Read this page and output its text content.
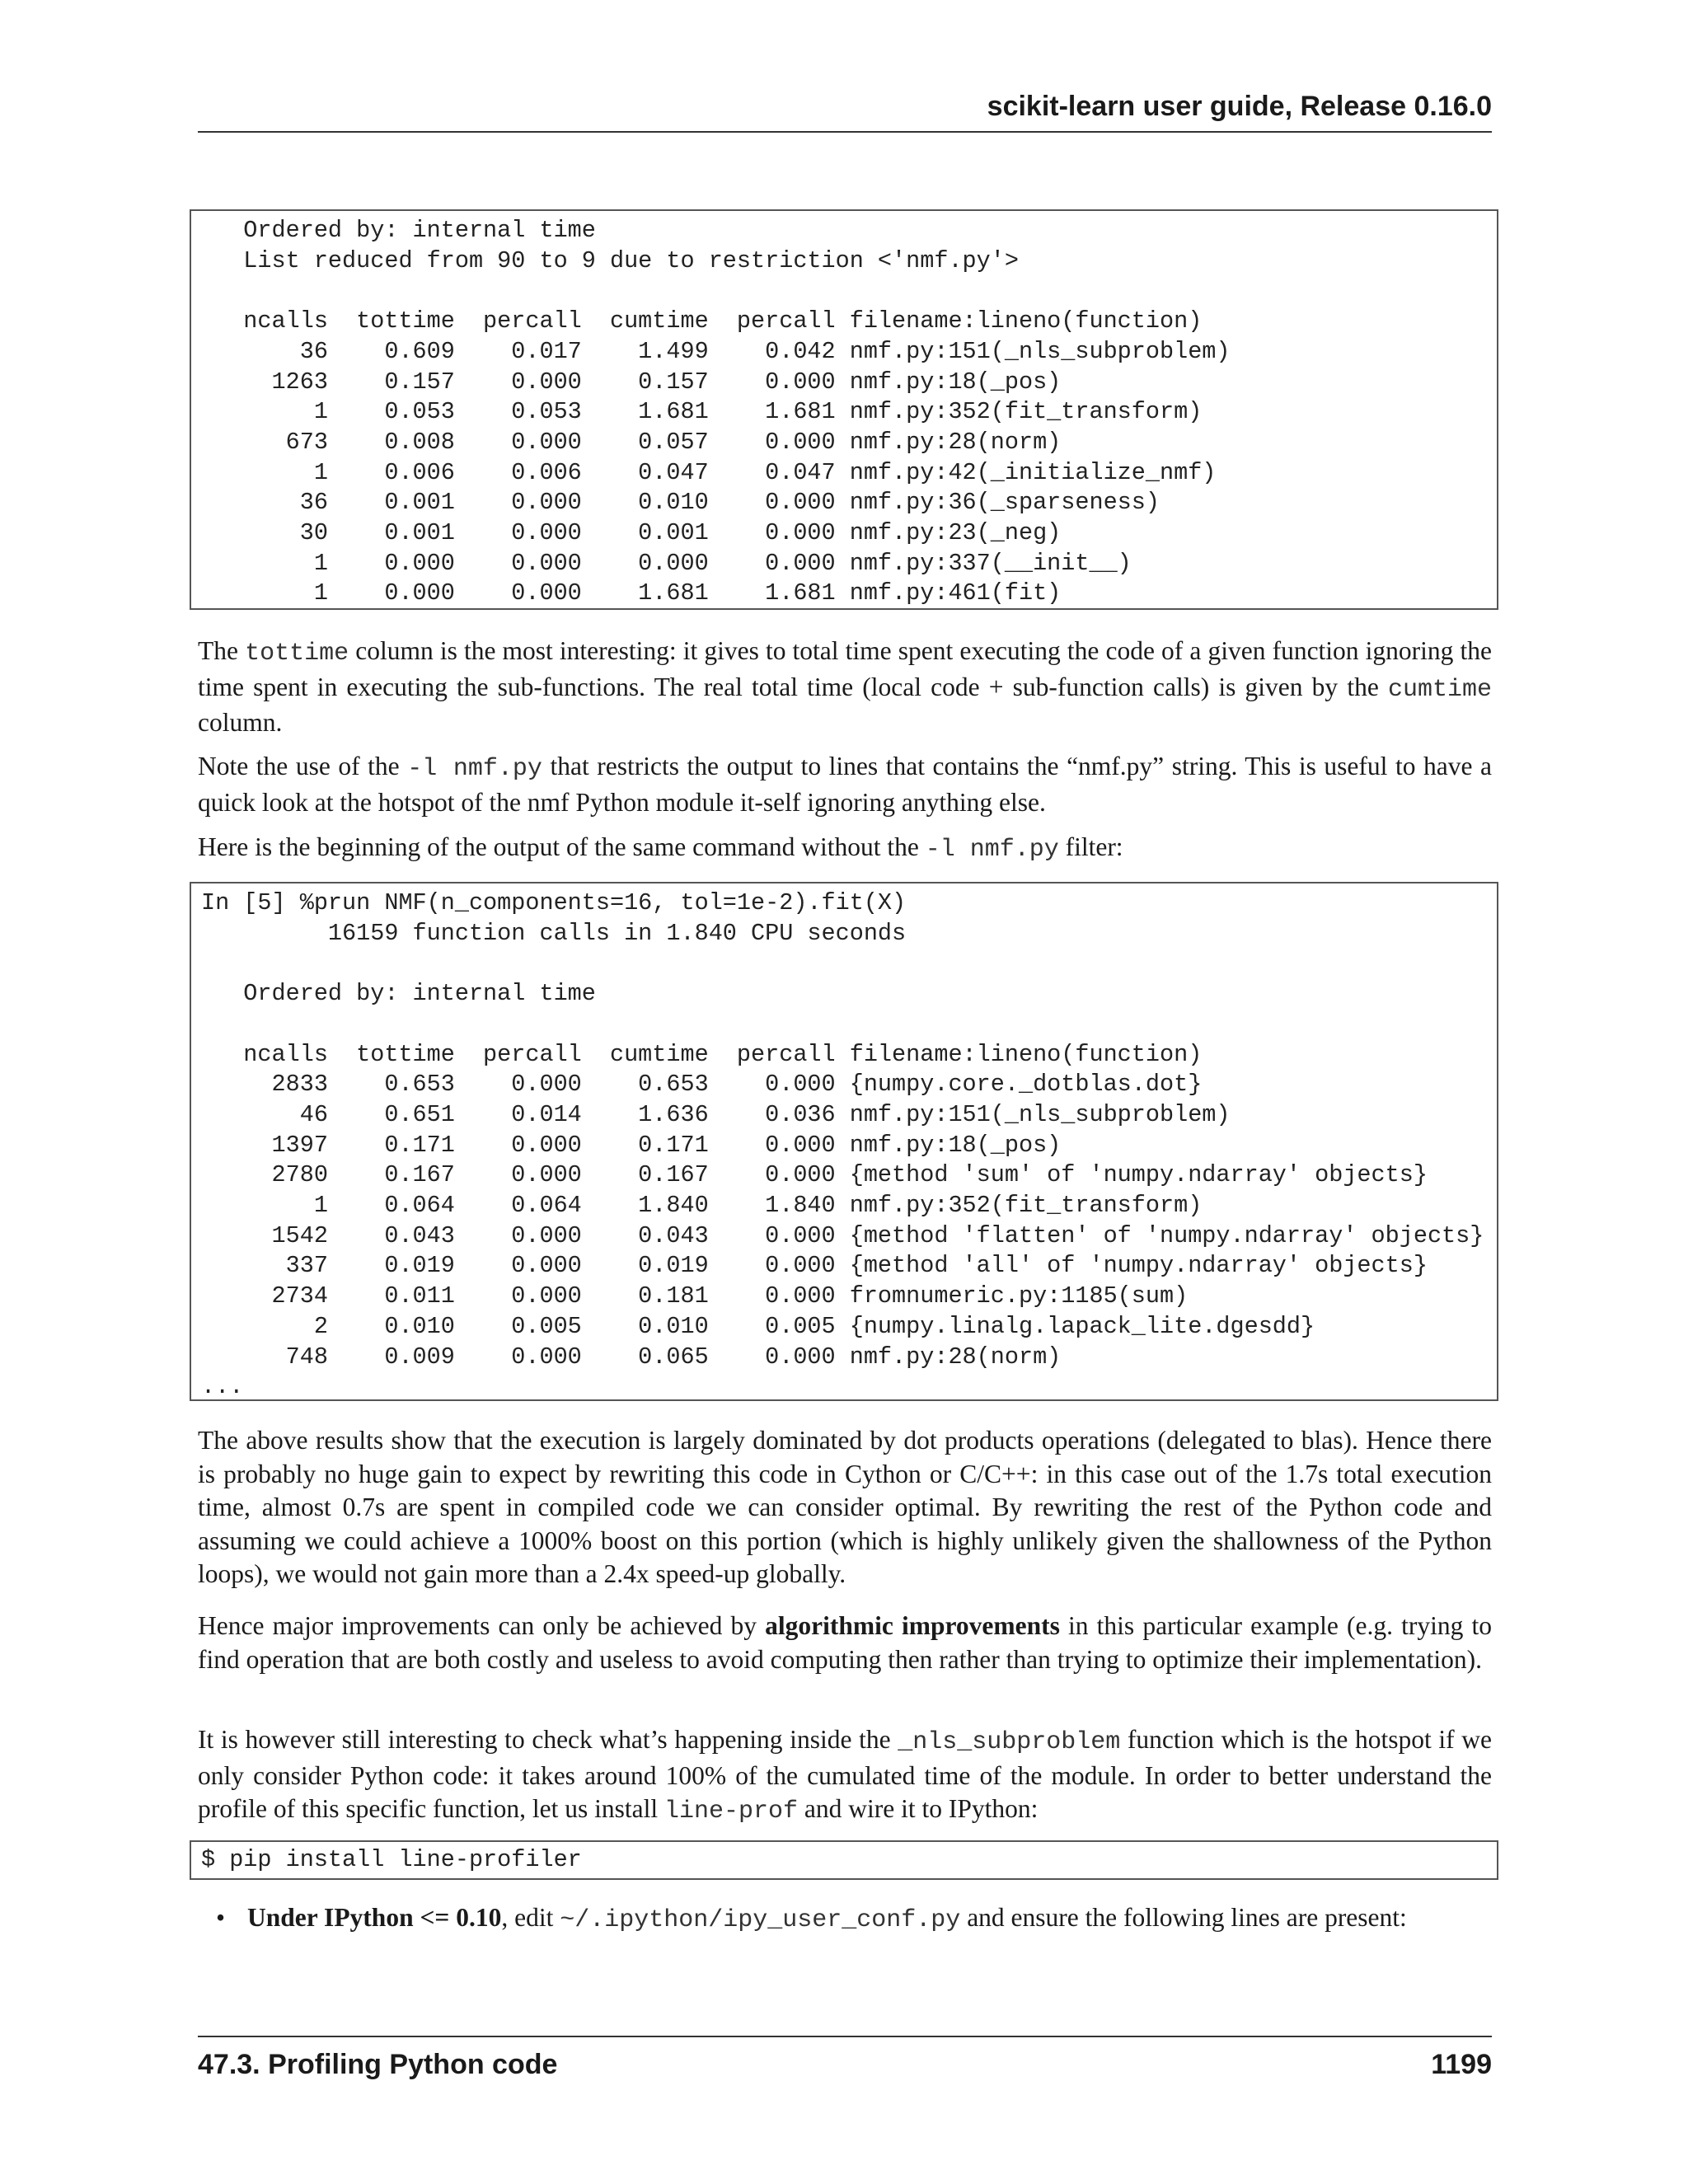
scikit-learn user guide, Release 0.16.0
Ordered by: internal time
List reduced from 90 to 9 due to restriction <'nmf.py'>

ncalls  tottime  percall  cumtime  percall filename:lineno(function)
36    0.609    0.017    1.499    0.042 nmf.py:151(_nls_subproblem)
1263    0.157    0.000    0.157    0.000 nmf.py:18(_pos)
1    0.053    0.053    1.681    1.681 nmf.py:352(fit_transform)
673    0.008    0.000    0.057    0.000 nmf.py:28(norm)
1    0.006    0.006    0.047    0.047 nmf.py:42(_initialize_nmf)
36    0.001    0.000    0.010    0.000 nmf.py:36(_sparseness)
30    0.001    0.000    0.001    0.000 nmf.py:23(_neg)
1    0.000    0.000    0.000    0.000 nmf.py:337(__init__)
1    0.000    0.000    1.681    1.681 nmf.py:461(fit)

The tottime column is the most interesting: it gives to total time spent executing the code of a given function ignoring the time spent in executing the sub-functions. The real total time (local code + sub-function calls) is given by the cumtime column.

Note the use of the -l nmf.py that restricts the output to lines that contains the “nmf.py” string. This is useful to have a quick look at the hotspot of the nmf Python module it-self ignoring anything else.

Here is the beginning of the output of the same command without the -l nmf.py filter:

In [5] %prun NMF(n_components=16, tol=1e-2).fit(X)
16159 function calls in 1.840 CPU seconds

Ordered by: internal time

ncalls  tottime  percall  cumtime  percall filename:lineno(function)
2833    0.653    0.000    0.653    0.000 {numpy.core._dotblas.dot}
46    0.651    0.014    1.636    0.036 nmf.py:151(_nls_subproblem)
1397    0.171    0.000    0.171    0.000 nmf.py:18(_pos)
2780    0.167    0.000    0.167    0.000 {method 'sum' of 'numpy.ndarray' objects}
1    0.064    0.064    1.840    1.840 nmf.py:352(fit_transform)
1542    0.043    0.000    0.043    0.000 {method 'flatten' of 'numpy.ndarray' objects}
337    0.019    0.000    0.019    0.000 {method 'all' of 'numpy.ndarray' objects}
2734    0.011    0.000    0.181    0.000 fromnumeric.py:1185(sum)
2    0.010    0.005    0.010    0.005 {numpy.linalg.lapack_lite.dgesdd}
748    0.009    0.000    0.065    0.000 nmf.py:28(norm)
...

The above results show that the execution is largely dominated by dot products operations (delegated to blas). Hence there is probably no huge gain to expect by rewriting this code in Cython or C/C++: in this case out of the 1.7s total execution time, almost 0.7s are spent in compiled code we can consider optimal. By rewriting the rest of the Python code and assuming we could achieve a 1000% boost on this portion (which is highly unlikely given the shallowness of the Python loops), we would not gain more than a 2.4x speed-up globally.

Hence major improvements can only be achieved by algorithmic improvements in this particular example (e.g. trying to find operation that are both costly and useless to avoid computing then rather than trying to optimize their implementation).

It is however still interesting to check what’s happening inside the _nls_subproblem function which is the hotspot if we only consider Python code: it takes around 100% of the cumulated time of the module. In order to better understand the profile of this specific function, let us install line-prof and wire it to IPython:

$ pip install line-profiler
• Under IPython <= 0.10, edit ~/.ipython/ipy_user_conf.py and ensure the following lines are present:
47.3. Profiling Python code	1199
